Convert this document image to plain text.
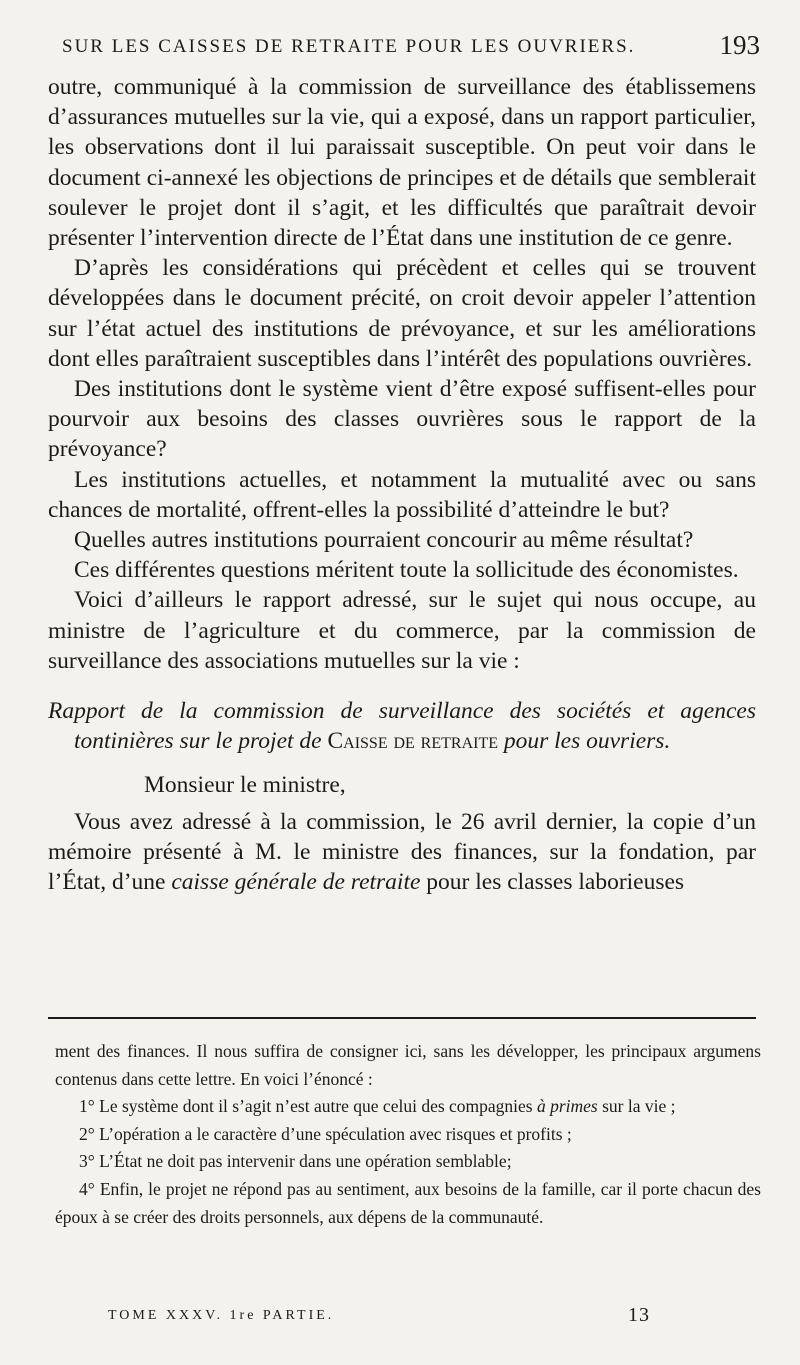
SUR LES CAISSES DE RETRAITE POUR LES OUVRIERS.	193

outre, communiqué à la commission de surveillance des établissemens d’assurances mutuelles sur la vie, qui a exposé, dans un rapport particulier, les observations dont il lui paraissait susceptible. On peut voir dans le document ci-annexé les objections de principes et de détails que semblerait soulever le projet dont il s’agit, et les difficultés que paraîtrait devoir présenter l’intervention directe de l’État dans une institution de ce genre.

D’après les considérations qui précèdent et celles qui se trouvent développées dans le document précité, on croit devoir appeler l’attention sur l’état actuel des institutions de prévoyance, et sur les améliorations dont elles paraîtraient susceptibles dans l’intérêt des populations ouvrières.

Des institutions dont le système vient d’être exposé suffisent-elles pour pourvoir aux besoins des classes ouvrières sous le rapport de la prévoyance?

Les institutions actuelles, et notamment la mutualité avec ou sans chances de mortalité, offrent-elles la possibilité d’atteindre le but?

Quelles autres institutions pourraient concourir au même résultat?

Ces différentes questions méritent toute la sollicitude des économistes.

Voici d’ailleurs le rapport adressé, sur le sujet qui nous occupe, au ministre de l’agriculture et du commerce, par la commission de surveillance des associations mutuelles sur la vie :

Rapport de la commission de surveillance des sociétés et agences tontinières sur le projet de Caisse de retraite pour les ouvriers.

Monsieur le ministre,

Vous avez adressé à la commission, le 26 avril dernier, la copie d’un mémoire présenté à M. le ministre des finances, sur la fondation, par l’État, d’une caisse générale de retraite pour les classes laborieuses

ment des finances. Il nous suffira de consigner ici, sans les développer, les principaux argumens contenus dans cette lettre. En voici l’énoncé :

1° Le système dont il s’agit n’est autre que celui des compagnies à primes sur la vie ;

2° L’opération a le caractère d’une spéculation avec risques et profits ;

3° L’État ne doit pas intervenir dans une opération semblable;

4° Enfin, le projet ne répond pas au sentiment, aux besoins de la famille, car il porte chacun des époux à se créer des droits personnels, aux dépens de la communauté.

TOME XXXV. 1re PARTIE.	13
